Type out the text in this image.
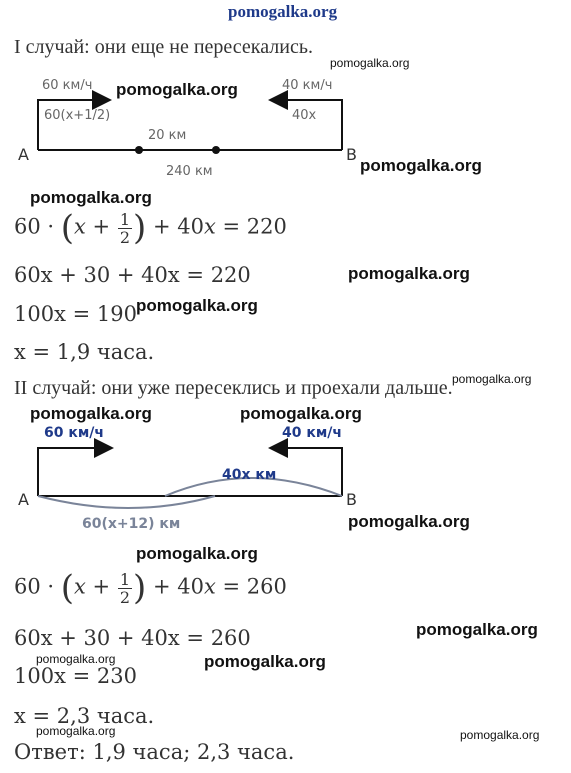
pomogalka.org
I случай: они еще не пересекались.
pomogalka.org
60 км/ч	40 км/ч
60(x+1/2)	40x
20 км
240 км
A	B
pomogalka.org
pomogalka.org
pomogalka.org
$60 \cdot (x + \frac{1}{2}$ ) + 40x = 220
60x + 30 + 40x = 220	pomogalka.org
100x = 190 pomogalka.org
x = 1,9 часа.
pomogalka.org
II случай: они уже пересеклись и проехали дальше.
pomogalka.org	pomogalka.org
60 км/ч	40 км/ч
40x км
60(x+12) км
A	B
pomogalka.org
pomogalka.org
$60 \cdot (x + \frac{1}{2}$ ) + 40x = 260
pomogalka.org
60x + 30 + 40x = 260
pomogalka.org	pomogalka.org
100x = 230
x = 2,3 часа.
pomogalka.org	pomogalka.org
Ответ: 1,9 часа; 2,3 часа.
